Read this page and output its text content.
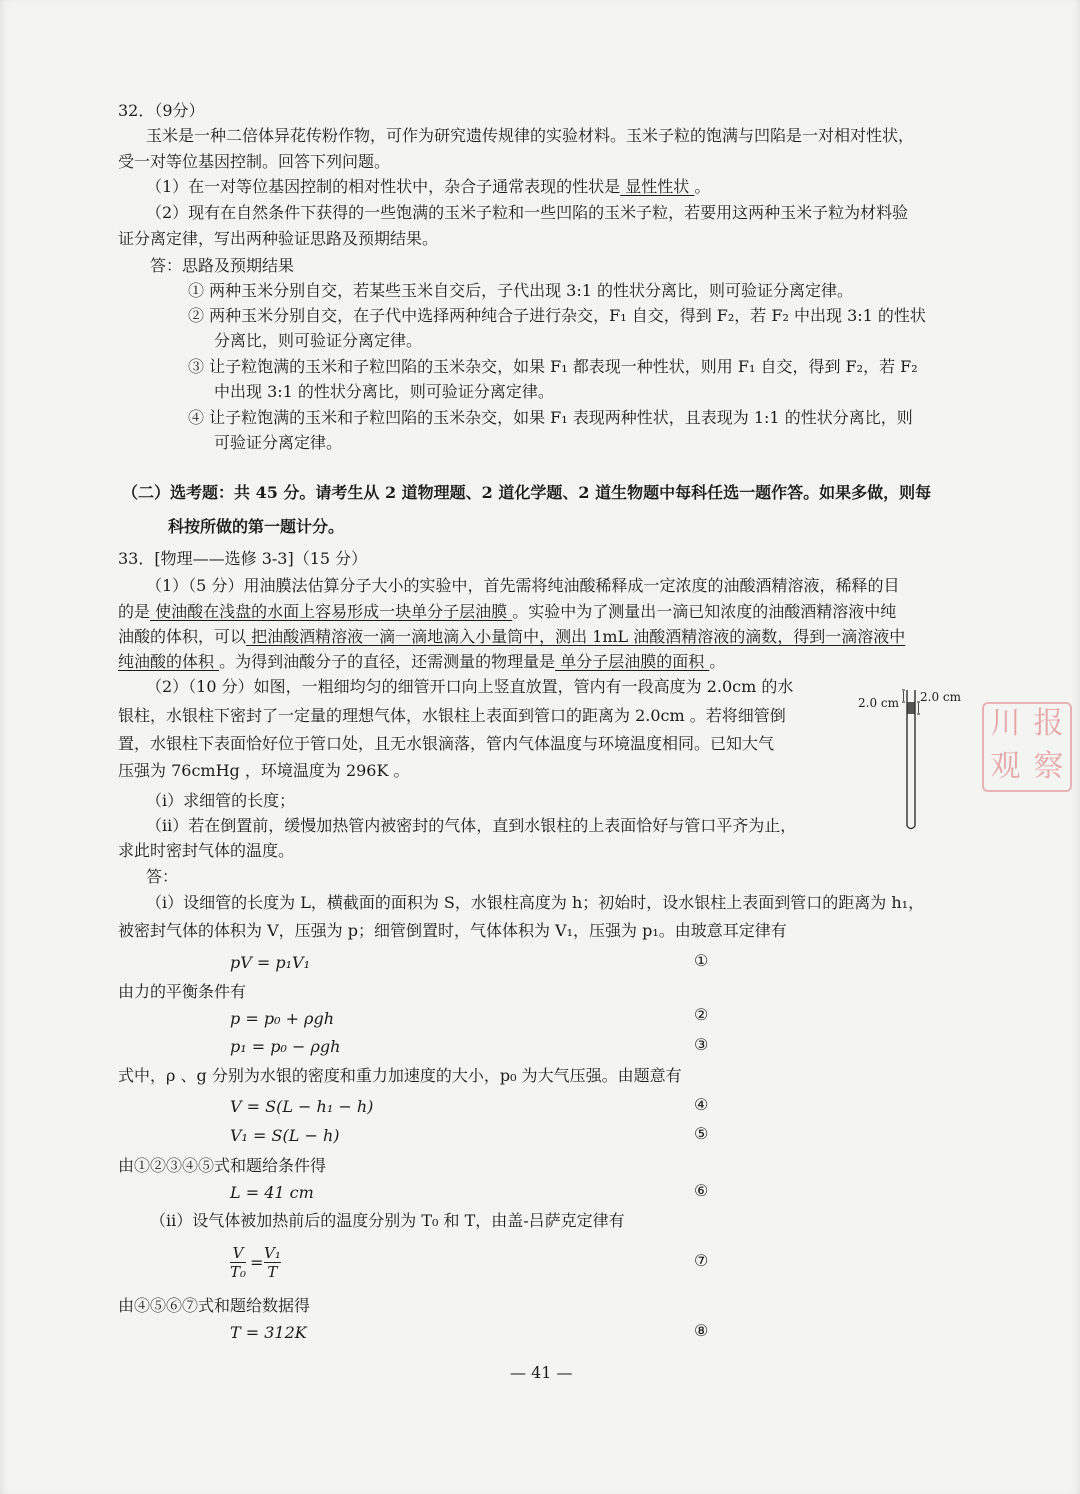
32．（9分）
玉米是一种二倍体异花传粉作物，可作为研究遗传规律的实验材料。玉米子粒的饱满与凹陷是一对相对性状，
受一对等位基因控制。回答下列问题。
（1）在一对等位基因控制的相对性状中，杂合子通常表现的性状是 显性性状 。
（2）现有在自然条件下获得的一些饱满的玉米子粒和一些凹陷的玉米子粒，若要用这两种玉米子粒为材料验
证分离定律，写出两种验证思路及预期结果。
答：思路及预期结果
① 两种玉米分别自交，若某些玉米自交后，子代出现 3:1 的性状分离比，则可验证分离定律。
② 两种玉米分别自交，在子代中选择两种纯合子进行杂交，F₁ 自交，得到 F₂，若 F₂ 中出现 3:1 的性状
分离比，则可验证分离定律。
③ 让子粒饱满的玉米和子粒凹陷的玉米杂交，如果 F₁ 都表现一种性状，则用 F₁ 自交，得到 F₂，若 F₂
中出现 3:1 的性状分离比，则可验证分离定律。
④ 让子粒饱满的玉米和子粒凹陷的玉米杂交，如果 F₁ 表现两种性状，且表现为 1:1 的性状分离比，则
可验证分离定律。
（二）选考题：共 45 分。请考生从 2 道物理题、2 道化学题、2 道生物题中每科任选一题作答。如果多做，则每
科按所做的第一题计分。
33．[物理——选修 3-3]（15 分）
（1）（5 分）用油膜法估算分子大小的实验中，首先需将纯油酸稀释成一定浓度的油酸酒精溶液，稀释的目
的是 使油酸在浅盘的水面上容易形成一块单分子层油膜 。实验中为了测量出一滴已知浓度的油酸酒精溶液中纯
油酸的体积，可以 把油酸酒精溶液一滴一滴地滴入小量筒中，测出 1mL 油酸酒精溶液的滴数，得到一滴溶液中
纯油酸的体积 。为得到油酸分子的直径，还需测量的物理量是 单分子层油膜的面积 。
（2）（10 分）如图，一粗细均匀的细管开口向上竖直放置，管内有一段高度为 2.0cm 的水
银柱，水银柱下密封了一定量的理想气体，水银柱上表面到管口的距离为 2.0cm 。若将细管倒
置，水银柱下表面恰好位于管口处，且无水银滴落，管内气体温度与环境温度相同。已知大气
压强为 76cmHg ，环境温度为 296K 。
（i）求细管的长度；
（ii）若在倒置前，缓慢加热管内被密封的气体，直到水银柱的上表面恰好与管口平齐为止，
求此时密封气体的温度。
2.0 cm 2.0 cm
川 报
观 察
答：
（i）设细管的长度为 L，横截面的面积为 S，水银柱高度为 h；初始时，设水银柱上表面到管口的距离为 h₁，
被密封气体的体积为 V，压强为 p；细管倒置时，气体体积为 V₁，压强为 p₁。由玻意耳定律有
pV = p₁V₁	①
由力的平衡条件有
p = p₀ + ρgh	②
p₁ = p₀ − ρgh	③
式中，ρ 、g 分别为水银的密度和重力加速度的大小，p₀ 为大气压强。由题意有
V = S(L − h₁ − h)	④
V₁ = S(L − h)	⑤
由①②③④⑤式和题给条件得
L = 41 cm	⑥
（ii）设气体被加热前后的温度分别为 T₀ 和 T，由盖-吕萨克定律有
V
T₀ = V₁
T
⑦
由④⑤⑥⑦式和题给数据得
T = 312K	⑧
— 41 —
